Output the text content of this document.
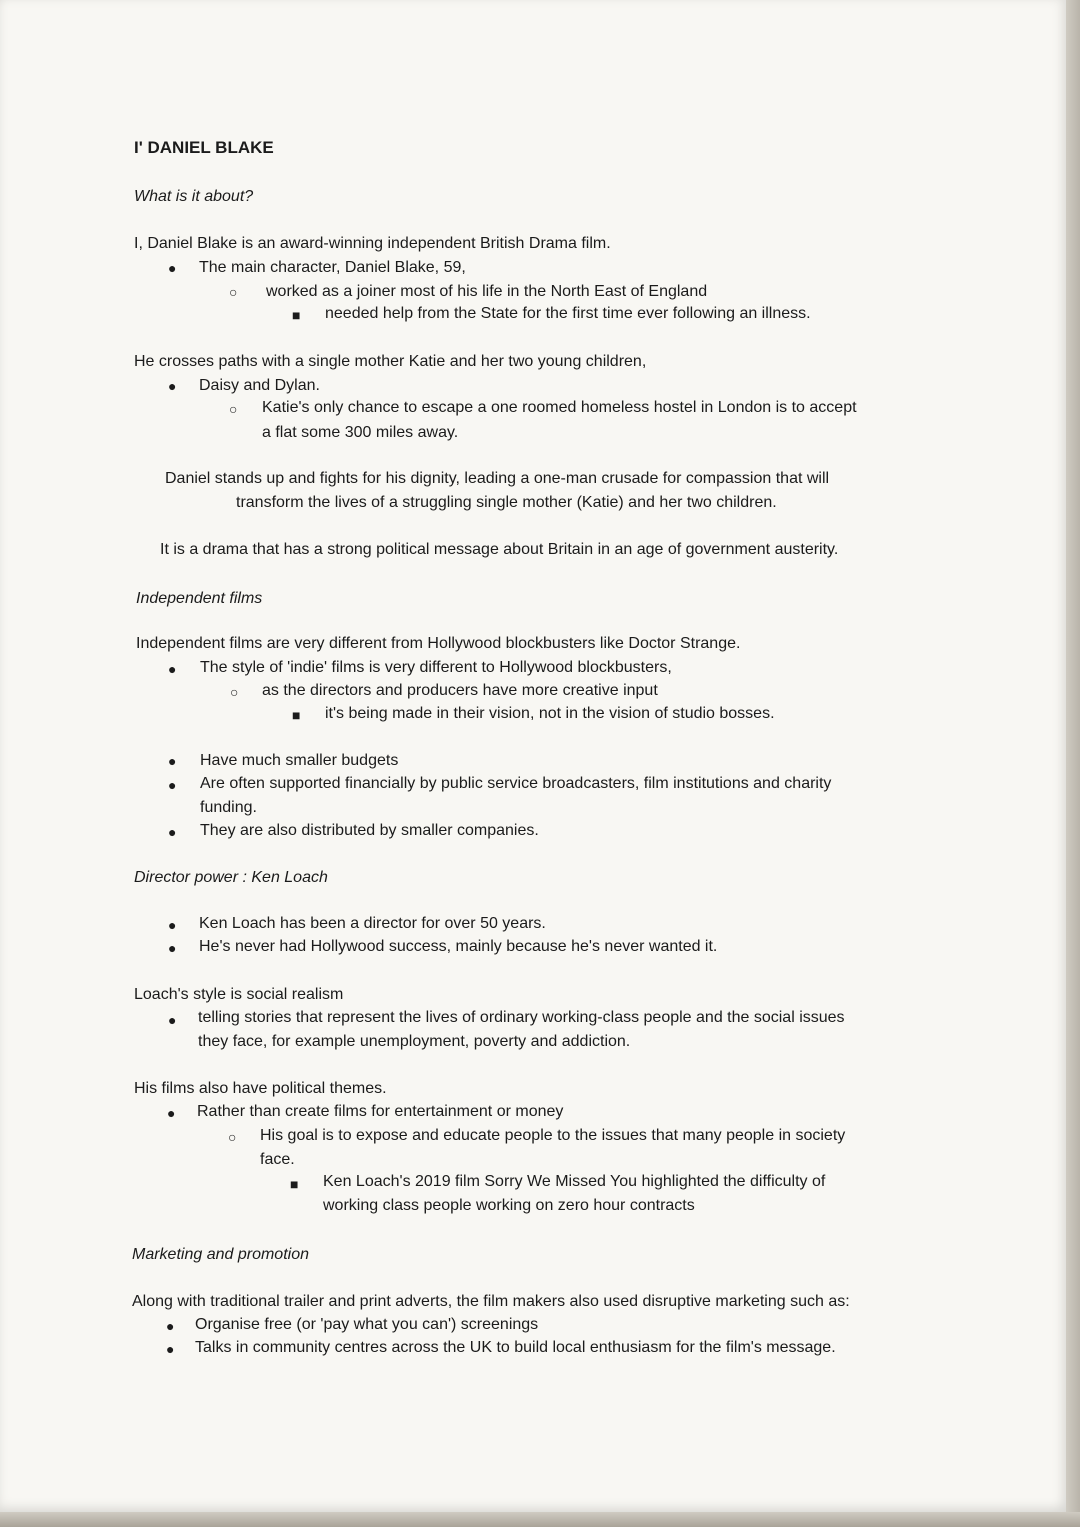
I' DANIEL BLAKE

What is it about?

I, Daniel Blake is an award-winning independent British Drama film.

● The main character, Daniel Blake, 59,

○ worked as a joiner most of his life in the North East of England

■ needed help from the State for the first time ever following an illness.

He crosses paths with a single mother Katie and her two young children,

● Daisy and Dylan.

○ Katie's only chance to escape a one roomed homeless hostel in London is to accept

a flat some 300 miles away.

Daniel stands up and fights for his dignity, leading a one-man crusade for compassion that will

transform the lives of a struggling single mother (Katie) and her two children.

It is a drama that has a strong political message about Britain in an age of government austerity.

Independent films

Independent films are very different from Hollywood blockbusters like Doctor Strange.

● The style of 'indie' films is very different to Hollywood blockbusters,

○ as the directors and producers have more creative input

■ it's being made in their vision, not in the vision of studio bosses.

● Have much smaller budgets

● Are often supported financially by public service broadcasters, film institutions and charity

funding.

● They are also distributed by smaller companies.

Director power : Ken Loach

● Ken Loach has been a director for over 50 years.

● He's never had Hollywood success, mainly because he's never wanted it.

Loach's style is social realism

● telling stories that represent the lives of ordinary working-class people and the social issues

they face, for example unemployment, poverty and addiction.

His films also have political themes.

● Rather than create films for entertainment or money

○ His goal is to expose and educate people to the issues that many people in society

face.

■ Ken Loach's 2019 film Sorry We Missed You highlighted the difficulty of

working class people working on zero hour contracts

Marketing and promotion

Along with traditional trailer and print adverts, the film makers also used disruptive marketing such as:

● Organise free (or 'pay what you can') screenings

● Talks in community centres across the UK to build local enthusiasm for the film's message.
